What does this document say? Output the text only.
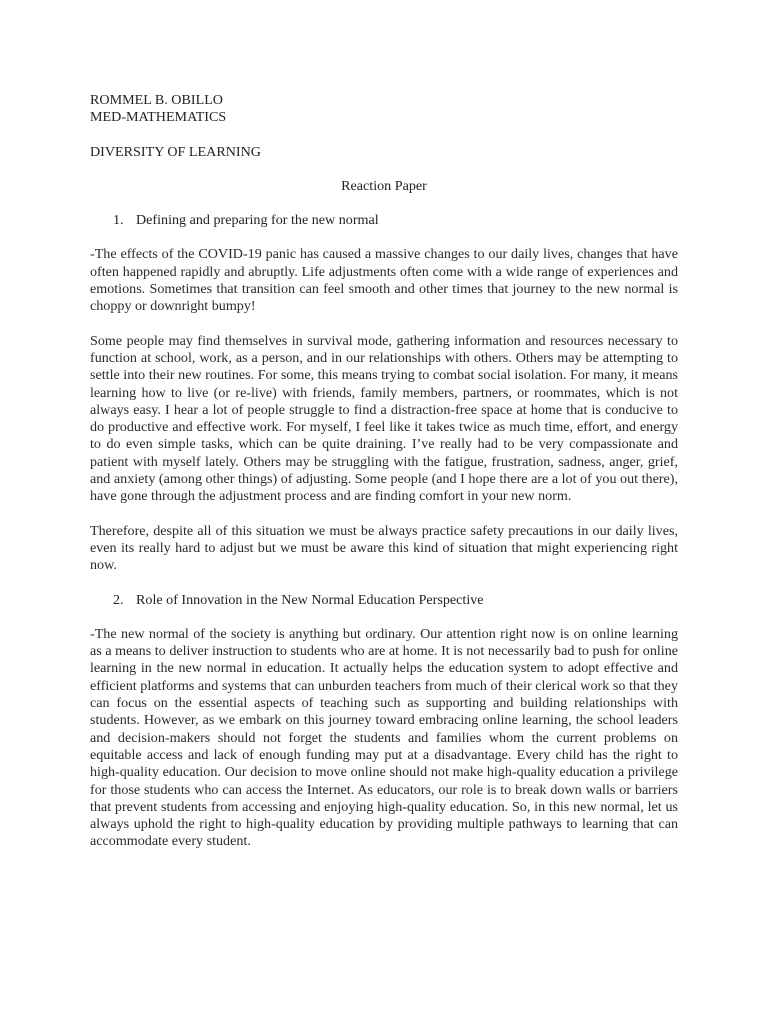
ROMMEL B. OBILLO

MED-MATHEMATICS

DIVERSITY OF LEARNING

Reaction Paper

1. Defining and preparing for the new normal

-The effects of the COVID-19 panic has caused a massive changes to our daily lives, changes that have often happened rapidly and abruptly. Life adjustments often come with a wide range of experiences and emotions. Sometimes that transition can feel smooth and other times that journey to the new normal is choppy or downright bumpy!

Some people may find themselves in survival mode, gathering information and resources necessary to function at school, work, as a person, and in our relationships with others. Others may be attempting to settle into their new routines. For some, this means trying to combat social isolation. For many, it means learning how to live (or re-live) with friends, family members, partners, or roommates, which is not always easy. I hear a lot of people struggle to find a distraction-free space at home that is conducive to do productive and effective work. For myself, I feel like it takes twice as much time, effort, and energy to do even simple tasks, which can be quite draining. I’ve really had to be very compassionate and patient with myself lately. Others may be struggling with the fatigue, frustration, sadness, anger, grief, and anxiety (among other things) of adjusting. Some people (and I hope there are a lot of you out there), have gone through the adjustment process and are finding comfort in your new norm.

Therefore, despite all of this situation we must be always practice safety precautions in our daily lives, even its really hard to adjust but we must be aware this kind of situation that might experiencing right now.

2. Role of Innovation in the New Normal Education Perspective

-The new normal of the society is anything but ordinary. Our attention right now is on online learning as a means to deliver instruction to students who are at home. It is not necessarily bad to push for online learning in the new normal in education. It actually helps the education system to adopt effective and efficient platforms and systems that can unburden teachers from much of their clerical work so that they can focus on the essential aspects of teaching such as supporting and building relationships with students. However, as we embark on this journey toward embracing online learning, the school leaders and decision-makers should not forget the students and families whom the current problems on equitable access and lack of enough funding may put at a disadvantage. Every child has the right to high-quality education. Our decision to move online should not make high-quality education a privilege for those students who can access the Internet. As educators, our role is to break down walls or barriers that prevent students from accessing and enjoying high-quality education. So, in this new normal, let us always uphold the right to high-quality education by providing multiple pathways to learning that can accommodate every student.
